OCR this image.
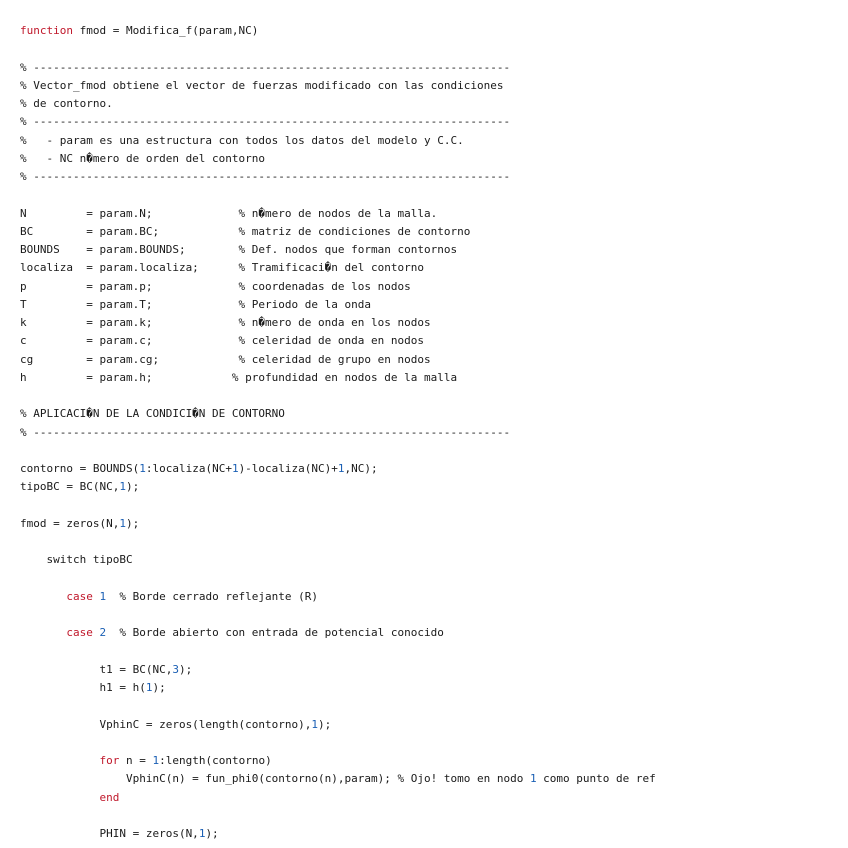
function fmod = Modifica_f(param,NC)

% ------------------------------------------------------------------------
% Vector_fmod obtiene el vector de fuerzas modificado con las condiciones
% de contorno.
% ------------------------------------------------------------------------
%   - param es una estructura con todos los datos del modelo y C.C.
%   - NC n�mero de orden del contorno
% ------------------------------------------------------------------------

N         = param.N;             % n�mero de nodos de la malla.
BC        = param.BC;            % matriz de condiciones de contorno
BOUNDS    = param.BOUNDS;        % Def. nodos que forman contornos
localiza  = param.localiza;      % Tramificaci�n del contorno
p         = param.p;             % coordenadas de los nodos
T         = param.T;             % Periodo de la onda
k         = param.k;             % n�mero de onda en los nodos
c         = param.c;             % celeridad de onda en nodos
cg        = param.cg;            % celeridad de grupo en nodos
h         = param.h;            % profundidad en nodos de la malla

% APLICACI�N DE LA CONDICI�N DE CONTORNO
% ------------------------------------------------------------------------

contorno = BOUNDS(1:localiza(NC+1)-localiza(NC)+1,NC);
tipoBC = BC(NC,1);

fmod = zeros(N,1);

switch tipoBC

case 1  % Borde cerrado reflejante (R)

case 2  % Borde abierto con entrada de potencial conocido

t1 = BC(NC,3);
h1 = h(1);

VphinC = zeros(length(contorno),1);

for n = 1:length(contorno)
VphinC(n) = fun_phi0(contorno(n),param); % Ojo! tomo en nodo 1 como punto de ref
end

PHIN = zeros(N,1);
